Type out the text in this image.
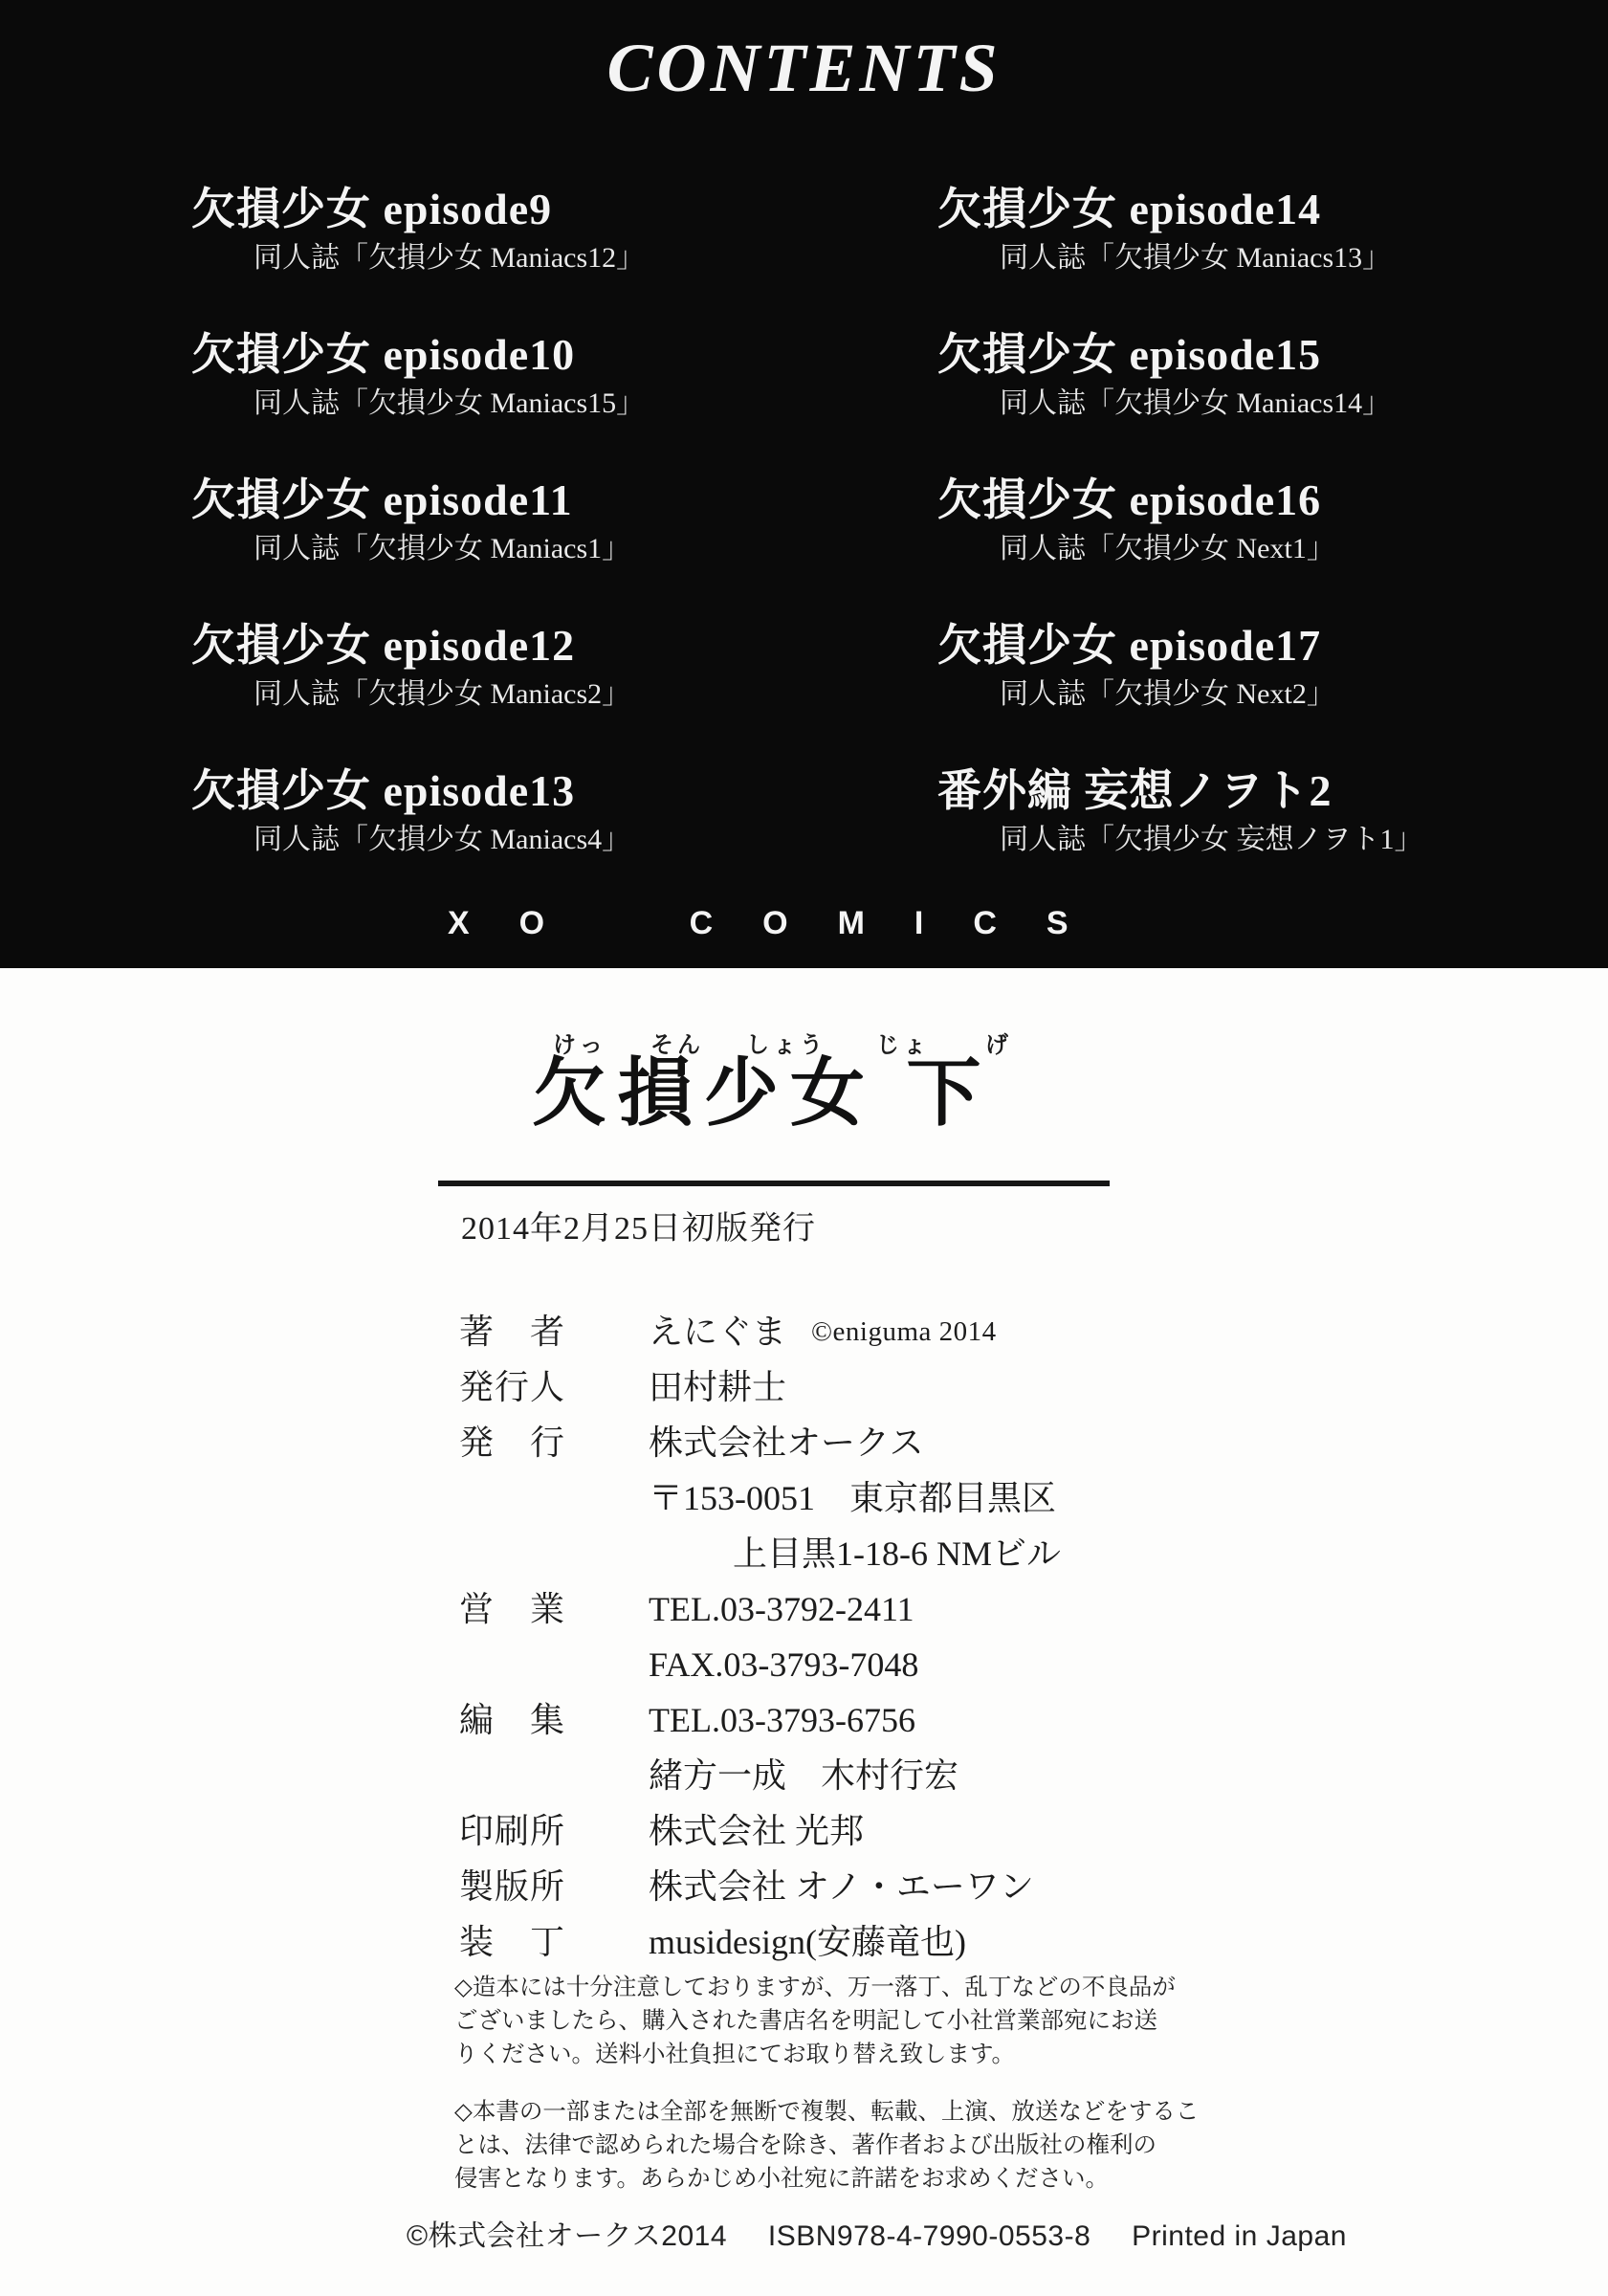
CONTENTS
欠損少女 episode9
同人誌「欠損少女 Maniacs12」
欠損少女 episode10
同人誌「欠損少女 Maniacs15」
欠損少女 episode11
同人誌「欠損少女 Maniacs1」
欠損少女 episode12
同人誌「欠損少女 Maniacs2」
欠損少女 episode13
同人誌「欠損少女 Maniacs4」
欠損少女 episode14
同人誌「欠損少女 Maniacs13」
欠損少女 episode15
同人誌「欠損少女 Maniacs14」
欠損少女 episode16
同人誌「欠損少女 Next1」
欠損少女 episode17
同人誌「欠損少女 Next2」
番外編 妄想ノヲト2
同人誌「欠損少女 妄想ノヲト1」
XO COMICS
けっ そん しょう じょ げ
欠損少女 下
2014年2月25日初版発行
著　者	えにぐま ©eniguma 2014
発行人	田村耕士
発　行	株式会社オークス
〒153-0051　東京都目黒区
上目黒1-18-6 NMビル
営　業	TEL.03-3792-2411
FAX.03-3793-7048
編　集	TEL.03-3793-6756
緒方一成　木村行宏
印刷所	株式会社 光邦
製版所	株式会社 オノ・エーワン
装　丁	musidesign(安藤竜也)

◇造本には十分注意しておりますが、万一落丁、乱丁などの不良品が
ございましたら、購入された書店名を明記して小社営業部宛にお送
りください。送料小社負担にてお取り替え致します。

◇本書の一部または全部を無断で複製、転載、上演、放送などをするこ
とは、法律で認められた場合を除き、著作者および出版社の権利の
侵害となります。あらかじめ小社宛に許諾をお求めください。

©株式会社オークス2014 ISBN978-4-7990-0553-8 Printed in Japan
